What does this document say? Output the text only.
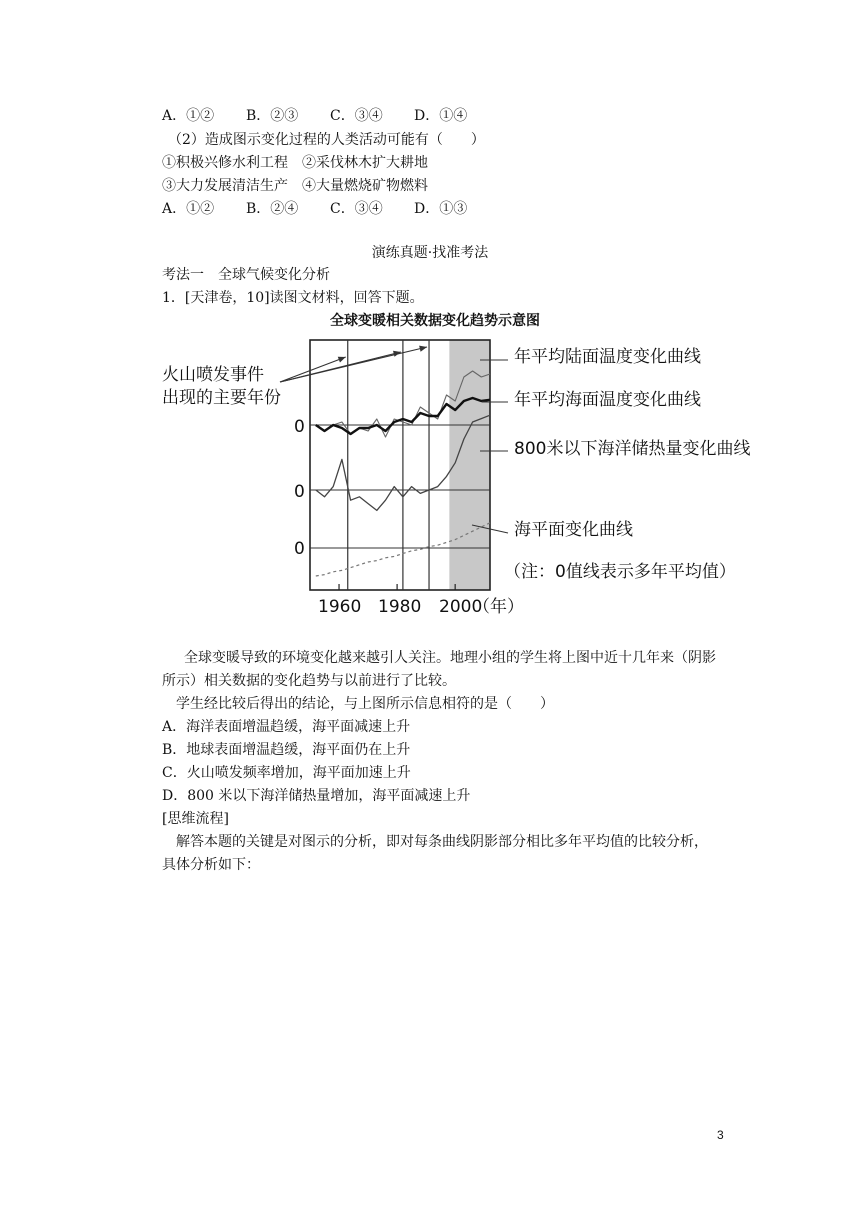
A．①② B．②③ C．③④ D．①④
（2）造成图示变化过程的人类活动可能有（　　）
①积极兴修水利工程　②采伐林木扩大耕地
③大力发展清洁生产　④大量燃烧矿物燃料
A．①② B．②④ C．③④ D．①③
演练真题·找准考法
考法一　全球气候变化分析
1．[天津卷，10]读图文材料，回答下题。
全球变暖相关数据变化趋势示意图
火山喷发事件
出现的主要年份
0
0
0
年平均陆面温度变化曲线
年平均海面温度变化曲线
800米以下海洋储热量变化曲线
海平面变化曲线
（注：0值线表示多年平均值）
1960 1980 2000
（年）
全球变暖导致的环境变化越来越引人关注。地理小组的学生将上图中近十几年来（阴影
所示）相关数据的变化趋势与以前进行了比较。
学生经比较后得出的结论，与上图所示信息相符的是（　　）
A．海洋表面增温趋缓，海平面减速上升
B．地球表面增温趋缓，海平面仍在上升
C．火山喷发频率增加，海平面加速上升
D．800 米以下海洋储热量增加，海平面减速上升
[思维流程]
解答本题的关键是对图示的分析，即对每条曲线阴影部分相比多年平均值的比较分析，
具体分析如下：
3
